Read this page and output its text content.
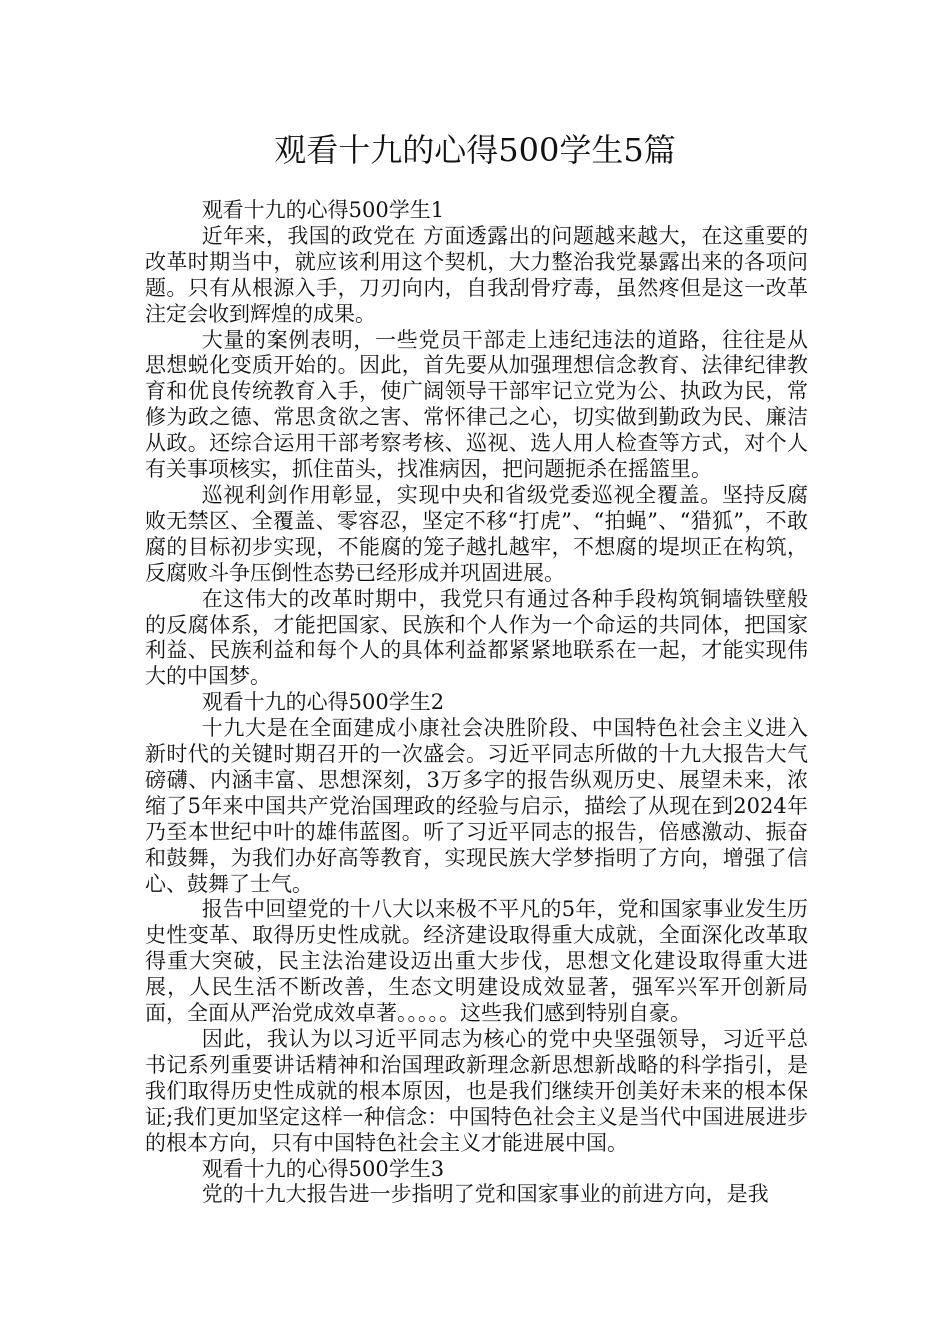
观看十九的心得500学生5篇

观看十九的心得500学生1

近年来，我国的政党在 方面透露出的问题越来越大，在这重要的改革时期当中，就应该利用这个契机，大力整治我党暴露出来的各项问题。只有从根源入手，刀刃向内，自我刮骨疗毒，虽然疼但是这一改革注定会收到辉煌的成果。

大量的案例表明，一些党员干部走上违纪违法的道路，往往是从思想蜕化变质开始的。因此，首先要从加强理想信念教育、法律纪律教育和优良传统教育入手，使广阔领导干部牢记立党为公、执政为民，常修为政之德、常思贪欲之害、常怀律己之心，切实做到勤政为民、廉洁从政。还综合运用干部考察考核、巡视、选人用人检查等方式，对个人有关事项核实，抓住苗头，找准病因，把问题扼杀在摇篮里。

巡视利剑作用彰显，实现中央和省级党委巡视全覆盖。坚持反腐败无禁区、全覆盖、零容忍，坚定不移“打虎”、“拍蝇”、“猎狐”，不敢腐的目标初步实现，不能腐的笼子越扎越牢，不想腐的堤坝正在构筑，反腐败斗争压倒性态势已经形成并巩固进展。

在这伟大的改革时期中，我党只有通过各种手段构筑铜墙铁壁般的反腐体系，才能把国家、民族和个人作为一个命运的共同体，把国家利益、民族利益和每个人的具体利益都紧紧地联系在一起，才能实现伟大的中国梦。

观看十九的心得500学生2

十九大是在全面建成小康社会决胜阶段、中国特色社会主义进入新时代的关键时期召开的一次盛会。习近平同志所做的十九大报告大气磅礴、内涵丰富、思想深刻，3万多字的报告纵观历史、展望未来，浓缩了5年来中国共产党治国理政的经验与启示，描绘了从现在到2024年乃至本世纪中叶的雄伟蓝图。听了习近平同志的报告，倍感激动、振奋和鼓舞，为我们办好高等教育，实现民族大学梦指明了方向，增强了信心、鼓舞了士气。

报告中回望党的十八大以来极不平凡的5年，党和国家事业发生历史性变革、取得历史性成就。经济建设取得重大成就，全面深化改革取得重大突破，民主法治建设迈出重大步伐，思想文化建设取得重大进展，人民生活不断改善，生态文明建设成效显著，强军兴军开创新局面，全面从严治党成效卓著。。。。。这些我们感到特别自豪。

因此，我认为以习近平同志为核心的党中央坚强领导，习近平总书记系列重要讲话精神和治国理政新理念新思想新战略的科学指引，是我们取得历史性成就的根本原因，也是我们继续开创美好未来的根本保证;我们更加坚定这样一种信念：中国特色社会主义是当代中国进展进步的根本方向，只有中国特色社会主义才能进展中国。

观看十九的心得500学生3

党的十九大报告进一步指明了党和国家事业的前进方向，是我
